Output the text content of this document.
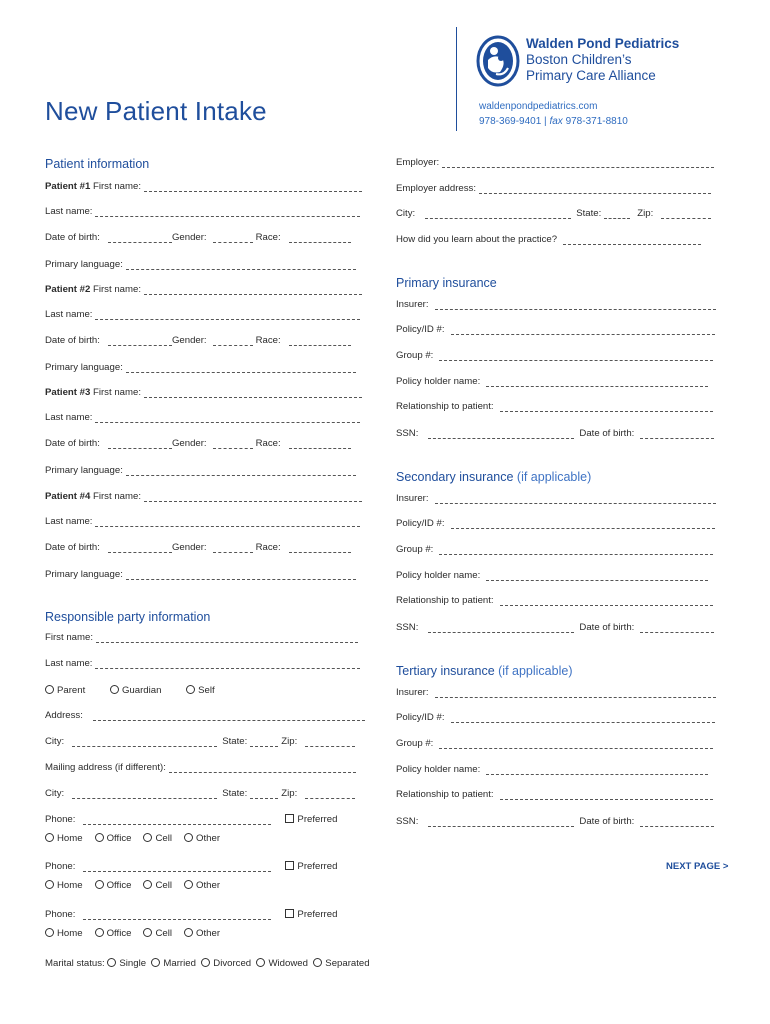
New Patient Intake
Walden Pond Pediatrics
Boston Children’s
Primary Care Alliance
waldenpondpediatrics.com
978-369-9401 | fax 978-371-8810
Patient information
Responsible party information
First name:
Last name:
Parent	Guardian	Self
Address:
City:	State:	Zip:
Mailing address (if different):
City:	State:	Zip:
Marital status: Single Married Divorced Widowed Separated
Employer:
Employer address:
City:	State:	Zip:
How did you learn about the practice?
NEXT PAGE >
Patient #1
First name:
Last name:
Date of birth:	Gender:	Race:
Primary language:
Patient #2
First name:
Last name:
Date of birth:	Gender:	Race:
Primary language:
Patient #3
First name:
Last name:
Date of birth:	Gender:	Race:
Primary language:
Patient #4
First name:
Last name:
Date of birth:	Gender:	Race:
Primary language:
Phone:	Preferred
Home	Office	Cell	Other
Phone:	Preferred
Home	Office	Cell	Other
Phone:	Preferred
Home	Office	Cell	Other
Primary insurance
Insurer:
Policy/ID #:
Group #:
Policy holder name:
Relationship to patient:
SSN:	Date of birth:
Secondary insurance (if applicable)
Insurer:
Policy/ID #:
Group #:
Policy holder name:
Relationship to patient:
SSN:	Date of birth:
Tertiary insurance (if applicable)
Insurer:
Policy/ID #:
Group #:
Policy holder name:
Relationship to patient:
SSN:	Date of birth:
